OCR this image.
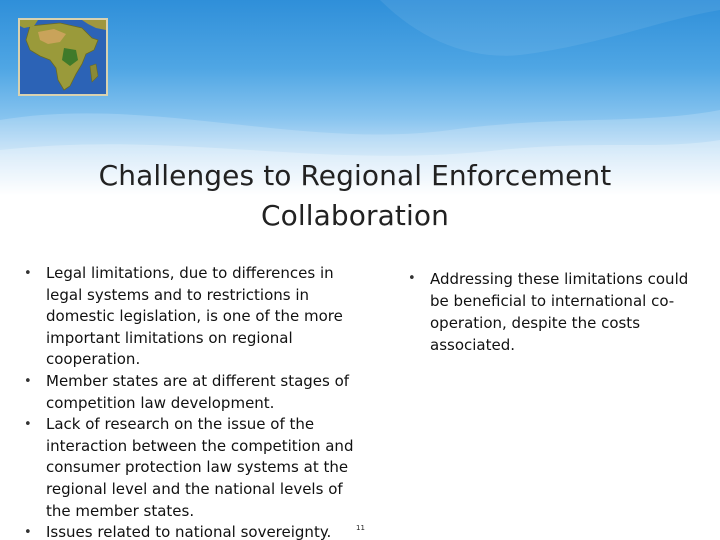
Challenges to Regional Enforcement Collaboration
• Legal limitations, due to differences in legal systems and to restrictions in domestic legislation, is one of the more important limitations on regional cooperation.
• Member states are at different stages of competition law development.
• Lack of research on the issue of the interaction between the competition and consumer protection law systems at the regional level and the national levels of the member states.
• Issues related to national sovereignty.
• Addressing these limitations could be beneficial to international co-operation, despite the costs associated.
11
